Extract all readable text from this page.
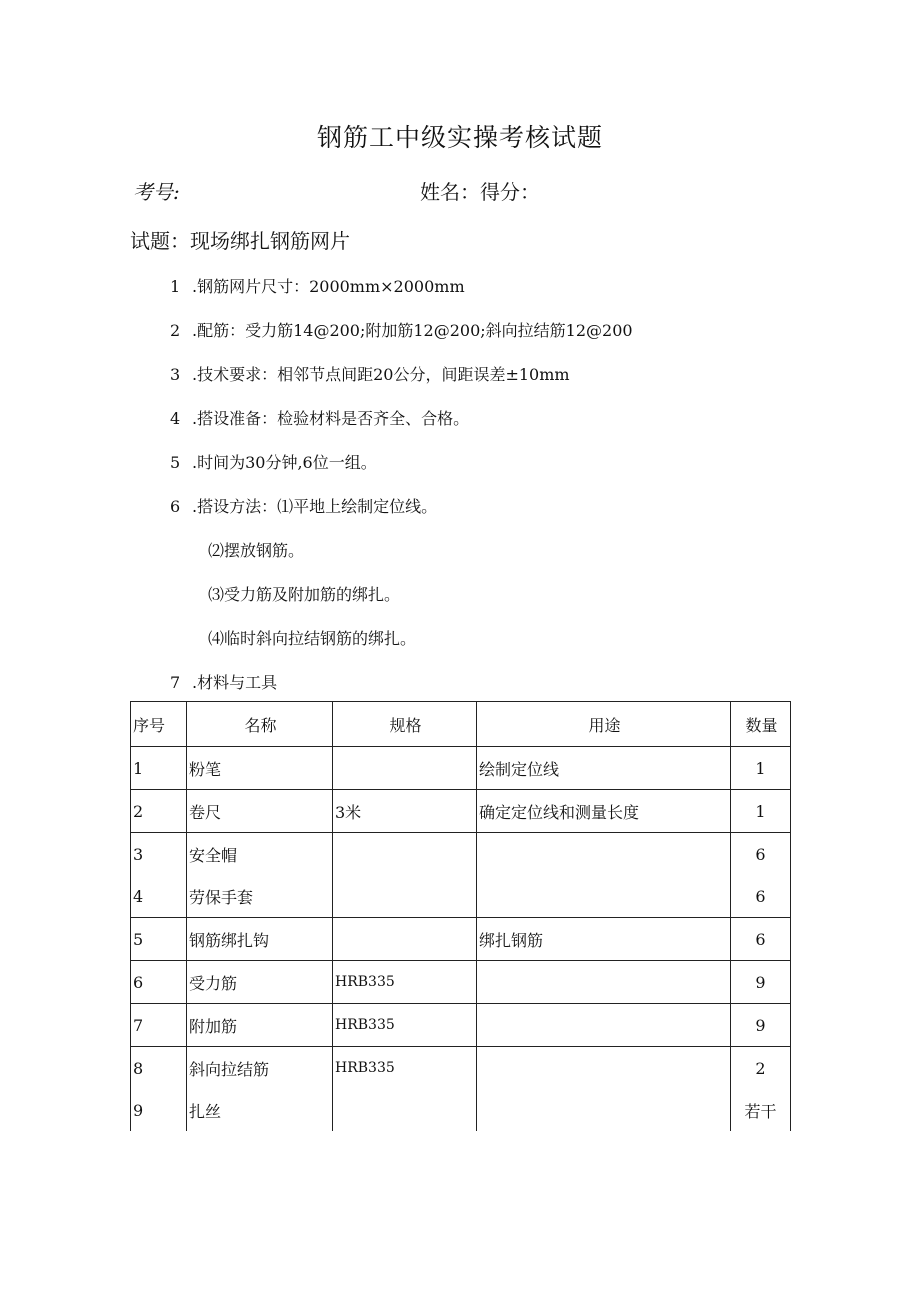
钢筋工中级实操考核试题
考号:	姓名：得分：
试题：现场绑扎钢筋网片
1 .钢筋网片尺寸：2000mm×2000mm
2 .配筋：受力筋14@200;附加筋12@200;斜向拉结筋12@200
3 .技术要求：相邻节点间距20公分，间距误差±10mm
4 .搭设准备：检验材料是否齐全、合格。
5 .时间为30分钟,6位一组。
6 .搭设方法：⑴平地上绘制定位线。
⑵摆放钢筋。
⑶受力筋及附加筋的绑扎。
⑷临时斜向拉结钢筋的绑扎。
7 .材料与工具
序号	名称	规格	用途	数量
1	粉笔		绘制定位线	1
2	卷尺	3米	确定定位线和测量长度	1
3	安全帽			6
4	劳保手套			6
5	钢筋绑扎钩		绑扎钢筋	6
6	受力筋	HRB335		9
7	附加筋	HRB335		9
8	斜向拉结筋	HRB335		2
9	扎丝			若干
